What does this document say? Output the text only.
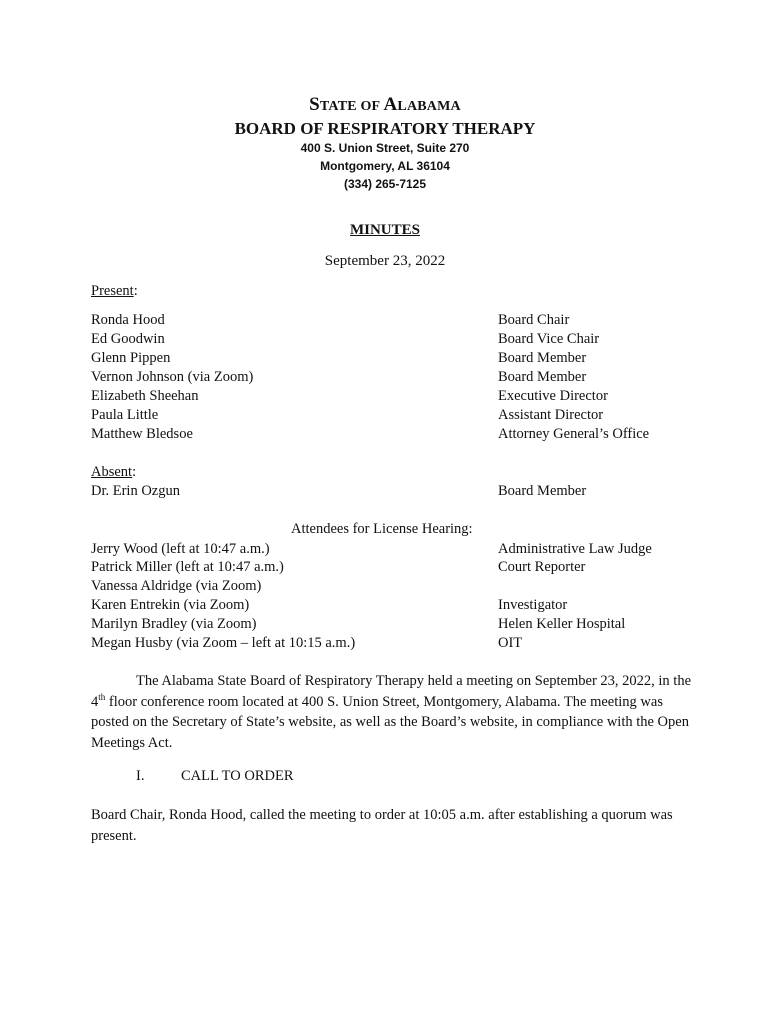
STATE OF ALABAMA
BOARD OF RESPIRATORY THERAPY
400 S. Union Street, Suite 270
Montgomery, AL 36104
(334) 265-7125
MINUTES
September 23, 2022
Present:
Ronda Hood	Board Chair
Ed Goodwin	Board Vice Chair
Glenn Pippen	Board Member
Vernon Johnson (via Zoom)	Board Member
Elizabeth Sheehan	Executive Director
Paula Little	Assistant Director
Matthew Bledsoe	Attorney General’s Office
Absent:
Dr. Erin Ozgun	Board Member
Attendees for License Hearing:
Jerry Wood (left at 10:47 a.m.)	Administrative Law Judge
Patrick Miller (left at 10:47 a.m.)	Court Reporter
Vanessa Aldridge (via Zoom)
Karen Entrekin (via Zoom)	Investigator
Marilyn Bradley (via Zoom)	Helen Keller Hospital
Megan Husby (via Zoom – left at 10:15 a.m.)	OIT
The Alabama State Board of Respiratory Therapy held a meeting on September 23, 2022, in the 4th floor conference room located at 400 S. Union Street, Montgomery, Alabama. The meeting was posted on the Secretary of State’s website, as well as the Board’s website, in compliance with the Open Meetings Act.
I.	CALL TO ORDER
Board Chair, Ronda Hood, called the meeting to order at 10:05 a.m. after establishing a quorum was present.
